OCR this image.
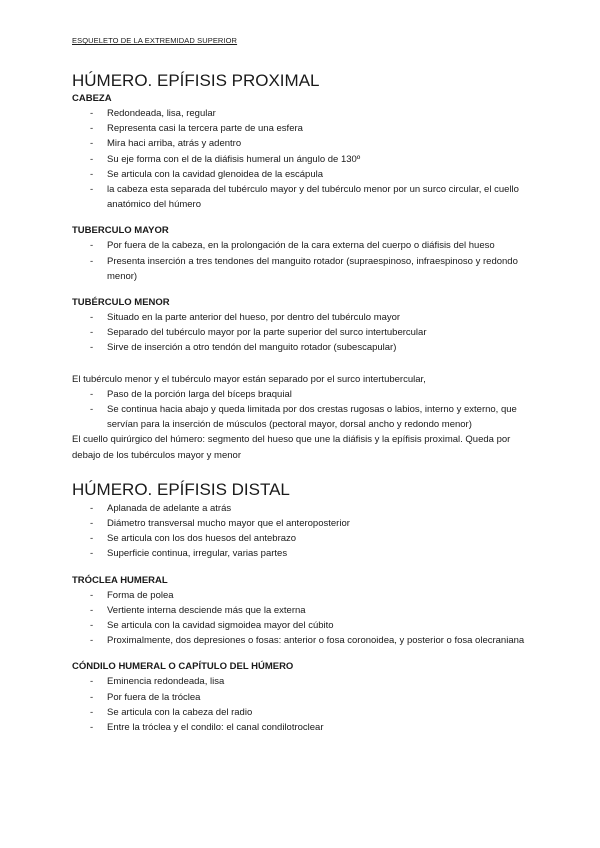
ESQUELETO DE LA EXTREMIDAD SUPERIOR
HÚMERO. EPÍFISIS PROXIMAL
CABEZA
- Redondeada, lisa, regular
- Representa casi la tercera parte de una esfera
- Mira haci arriba, atrás y adentro
- Su eje forma con el de la diáfisis humeral un ángulo de 130º
- Se articula con la cavidad glenoidea de la escápula
- la cabeza esta separada del tubérculo mayor y del tubérculo menor por un surco circular, el cuello anatómico del húmero
TUBERCULO MAYOR
- Por fuera de la cabeza, en la prolongación de la cara externa del cuerpo o diáfisis del hueso
- Presenta inserción a tres tendones del manguito rotador (supraespinoso, infraespinoso y redondo menor)
TUBÉRCULO MENOR
- Situado en la parte anterior del hueso, por dentro del tubérculo mayor
- Separado del tubérculo mayor por la parte superior del surco intertubercular
- Sirve de inserción a otro tendón del manguito rotador (subescapular)

El tubérculo menor y el tubérculo mayor están separado por el surco intertubercular,

- Paso de la porción larga del bíceps braquial
- Se continua hacia abajo y queda limitada por dos crestas rugosas o labios, interno y externo, que servían para la inserción de músculos (pectoral mayor, dorsal ancho y redondo menor)

El cuello quirúrgico del húmero: segmento del hueso que une la diáfisis y la epífisis proximal. Queda por debajo de los tubérculos mayor y menor

HÚMERO. EPÍFISIS DISTAL
- Aplanada de adelante a atrás
- Diámetro transversal mucho mayor que el anteroposterior
- Se articula con los dos huesos del antebrazo
- Superficie continua, irregular, varias partes
TRÓCLEA HUMERAL
- Forma de polea
- Vertiente interna desciende más que la externa
- Se articula con la cavidad sigmoidea mayor del cúbito
- Proximalmente, dos depresiones o fosas: anterior o fosa coronoidea, y posterior o fosa olecraniana
CÓNDILO HUMERAL O CAPÍTULO DEL HÚMERO
- Eminencia redondeada, lisa
- Por fuera de la tróclea
- Se articula con la cabeza del radio
- Entre la tróclea y el condilo: el canal condilotroclear
